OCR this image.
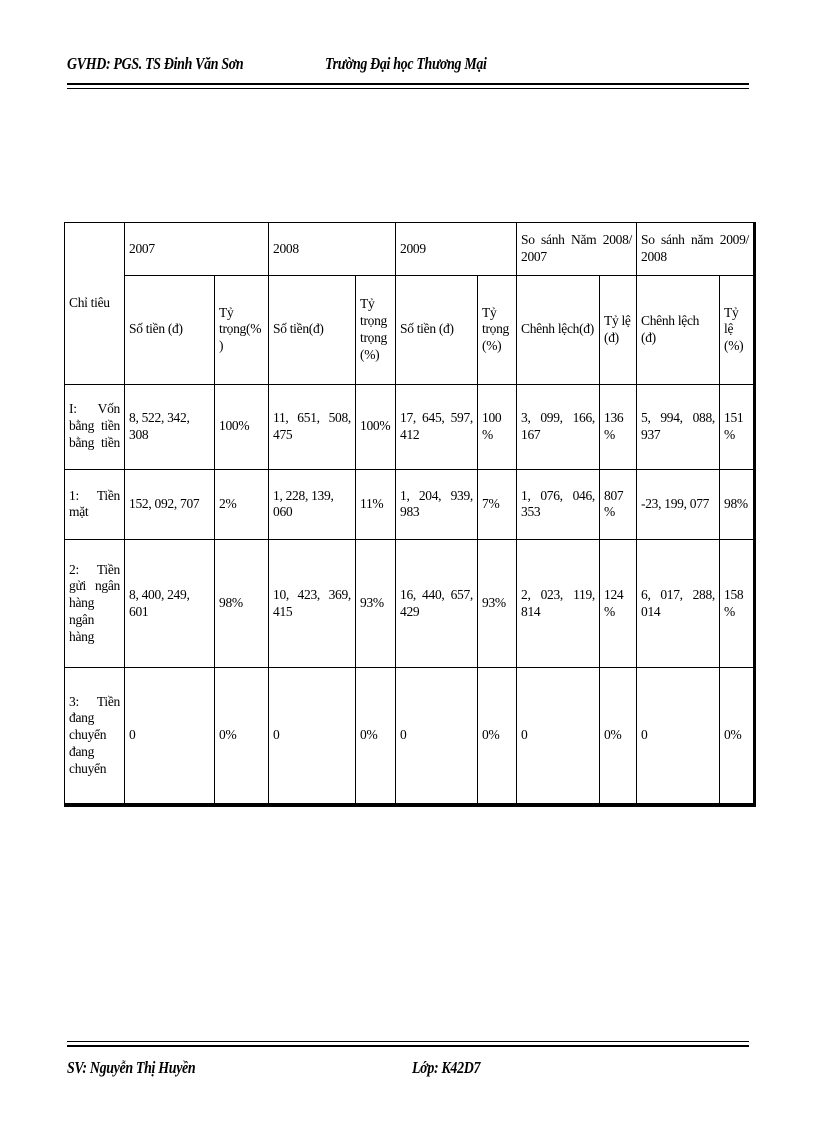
GVHD: PGS. TS Đinh Văn Sơn	Trường Đại học Thương Mại
Chỉ tiêu	2007		2008		2009		So sánh Năm 2008/ 2007		So sánh năm 2009/ 2008	
	Số tiền (đ)	Tỷ trọng(%)	Số tiền(đ)	Tỷ trọng trọng (%)	Số tiền (đ)	Tỷ trọng (%)	Chênh lệch(đ)	Tỷ lệ (đ)	Chênh lệch (đ)	Tỷ lệ (%)
I: Vốn bằng tiền bằng tiền	8, 522, 342, 308	100%	11, 651, 508, 475	100%	17, 645, 597, 412	100%	3, 099, 166, 167	136%	5, 994, 088, 937	151%
1: Tiền mặt	152, 092, 707	2%	1, 228, 139, 060	11%	1, 204, 939, 983	7%	1, 076, 046, 353	807%	-23, 199, 077	98%
2: Tiền gửi ngân hàng ngân hàng	8, 400, 249, 601	98%	10, 423, 369, 415	93%	16, 440, 657, 429	93%	2, 023, 119, 814	124%	6, 017, 288, 014	158%
3: Tiền đang chuyển đang chuyển	0	0%	0	0%	0	0%	0	0%	0	0%
SV: Nguyễn Thị Huyền	Lớp: K42D7
